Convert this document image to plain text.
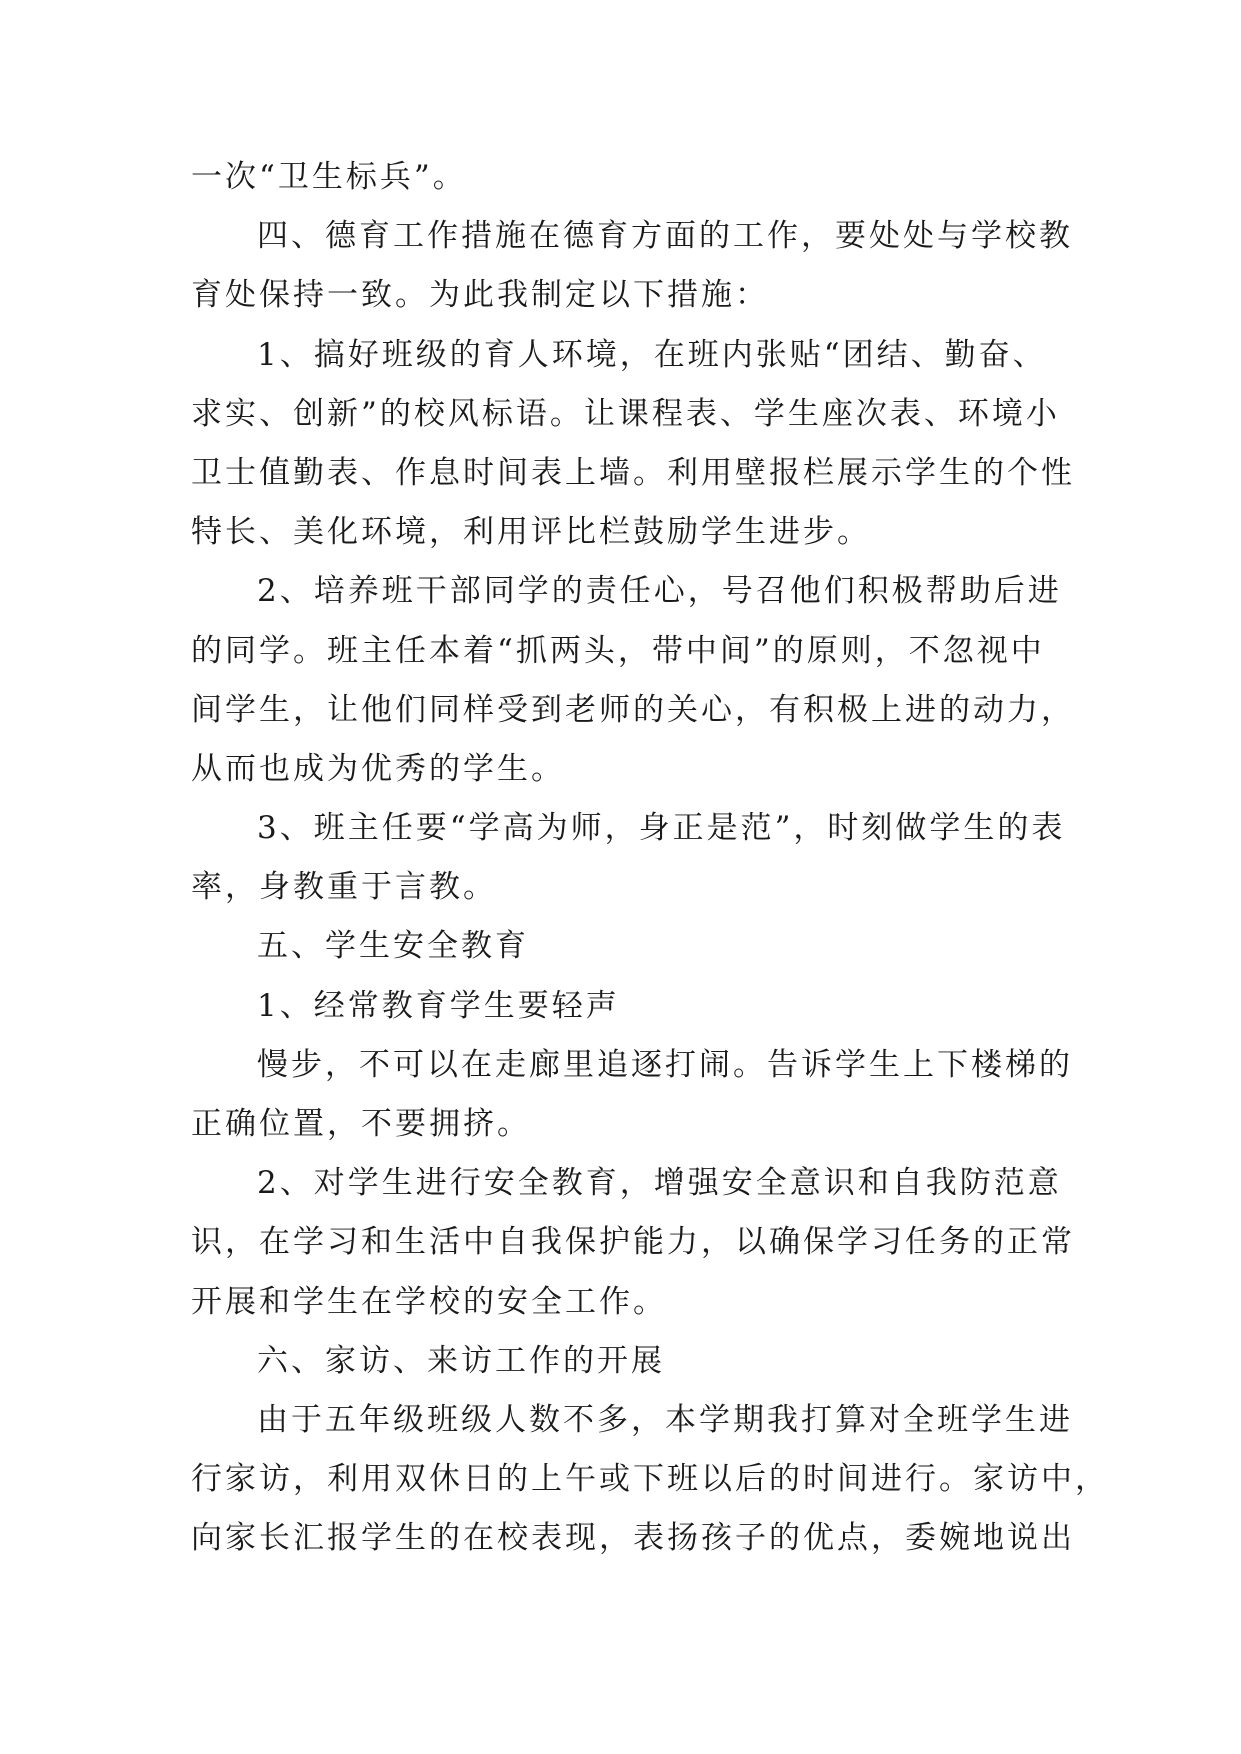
一次“卫生标兵”。
四、德育工作措施在德育方面的工作，要处处与学校教
育处保持一致。为此我制定以下措施：
1、搞好班级的育人环境，在班内张贴“团结、勤奋、
求实、创新”的校风标语。让课程表、学生座次表、环境小
卫士值勤表、作息时间表上墙。利用壁报栏展示学生的个性
特长、美化环境，利用评比栏鼓励学生进步。
2、培养班干部同学的责任心，号召他们积极帮助后进
的同学。班主任本着“抓两头，带中间”的原则，不忽视中
间学生，让他们同样受到老师的关心，有积极上进的动力，
从而也成为优秀的学生。
3、班主任要“学高为师，身正是范”，时刻做学生的表
率，身教重于言教。
五、学生安全教育
1、经常教育学生要轻声
慢步，不可以在走廊里追逐打闹。告诉学生上下楼梯的
正确位置，不要拥挤。
2、对学生进行安全教育，增强安全意识和自我防范意
识，在学习和生活中自我保护能力，以确保学习任务的正常
开展和学生在学校的安全工作。
六、家访、来访工作的开展
由于五年级班级人数不多，本学期我打算对全班学生进
行家访，利用双休日的上午或下班以后的时间进行。家访中，
向家长汇报学生的在校表现，表扬孩子的优点，委婉地说出
